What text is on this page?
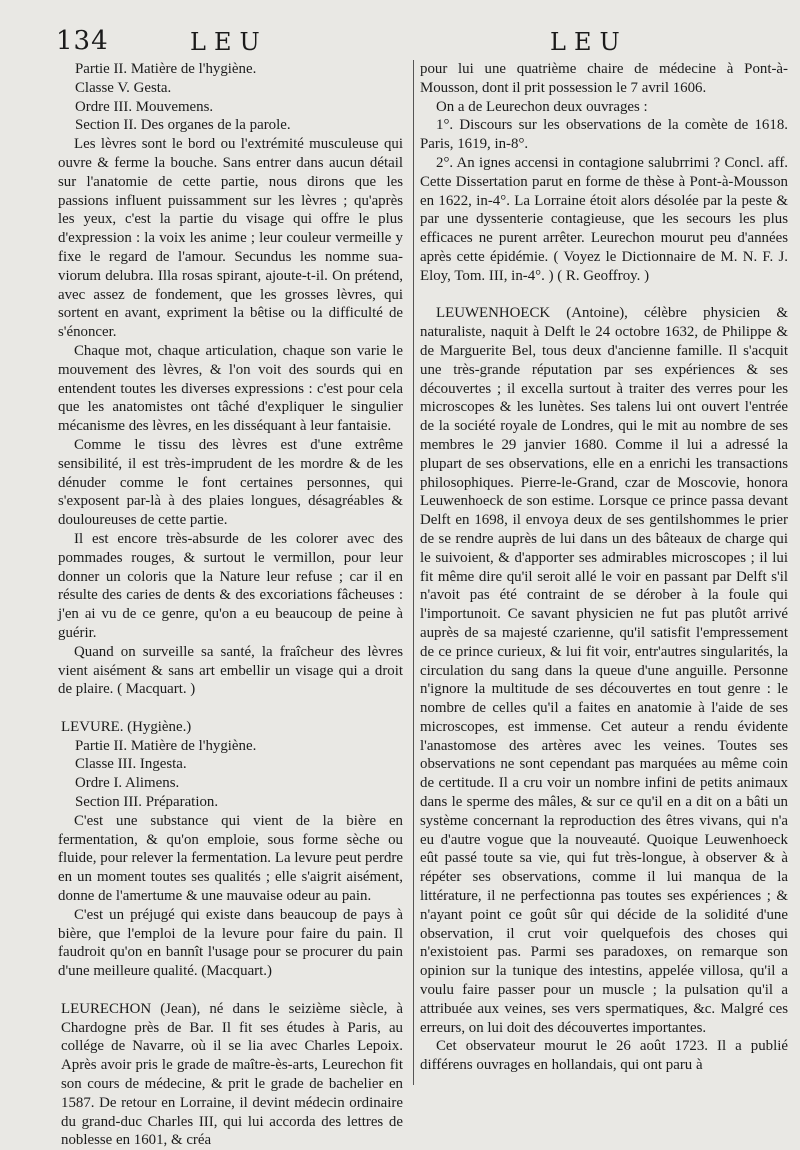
134	LEU	LEU

Partie II. Matière de l'hygiène.

Classe V. Gesta.

Ordre III. Mouvemens.

Section II. Des organes de la parole.

Les lèvres sont le bord ou l'extrémité musculeuse qui ouvre & ferme la bouche. Sans entrer dans aucun détail sur l'anatomie de cette partie, nous dirons que les passions influent puissamment sur les lèvres ; qu'après les yeux, c'est la partie du visage qui offre le plus d'expression : la voix les anime ; leur couleur vermeille y fixe le regard de l'amour. Secundus les nomme sua-viorum delubra. Illa rosas spirant, ajoute-t-il. On prétend, avec assez de fondement, que les grosses lèvres, qui sortent en avant, expriment la bêtise ou la difficulté de s'énoncer.

Chaque mot, chaque articulation, chaque son varie le mouvement des lèvres, & l'on voit des sourds qui en entendent toutes les diverses expressions : c'est pour cela que les anatomistes ont tâché d'expliquer le singulier mécanisme des lèvres, en les disséquant à leur fantaisie.

Comme le tissu des lèvres est d'une extrême sensibilité, il est très-imprudent de les mordre & de les dénuder comme le font certaines personnes, qui s'exposent par-là à des plaies longues, désagréables & douloureuses de cette partie.

Il est encore très-absurde de les colorer avec des pommades rouges, & surtout le vermillon, pour leur donner un coloris que la Nature leur refuse ; car il en résulte des caries de dents & des excoriations fâcheuses : j'en ai vu de ce genre, qu'on a eu beaucoup de peine à guérir.

Quand on surveille sa santé, la fraîcheur des lèvres vient aisément & sans art embellir un visage qui a droit de plaire. ( Macquart. )

LEVURE. (Hygiène.)

Partie II. Matière de l'hygiène.

Classe III. Ingesta.

Ordre I. Alimens.

Section III. Préparation.

C'est une substance qui vient de la bière en fermentation, & qu'on emploie, sous forme sèche ou fluide, pour relever la fermentation. La levure peut perdre en un moment toutes ses qualités ; elle s'aigrit aisément, donne de l'amertume & une mauvaise odeur au pain.

C'est un préjugé qui existe dans beaucoup de pays à bière, que l'emploi de la levure pour faire du pain. Il faudroit qu'on en bannît l'usage pour se procurer du pain d'une meilleure qualité. (Macquart.)

LEURECHON (Jean), né dans le seizième siècle, à Chardogne près de Bar. Il fit ses études à Paris, au collége de Navarre, où il se lia avec Charles Lepoix. Après avoir pris le grade de maître-ès-arts, Leurechon fit son cours de médecine, & prit le grade de bachelier en 1587. De retour en Lorraine, il devint médecin ordinaire du grand-duc Charles III, qui lui accorda des lettres de noblesse en 1601, & créa

pour lui une quatrième chaire de médecine à Pont-à-Mousson, dont il prit possession le 7 avril 1606.

On a de Leurechon deux ouvrages :

1°. Discours sur les observations de la comète de 1618. Paris, 1619, in-8°.

2°. An ignes accensi in contagione salubrrimi ? Concl. aff. Cette Dissertation parut en forme de thèse à Pont-à-Mousson en 1622, in-4°. La Lorraine étoit alors désolée par la peste & par une dyssenterie contagieuse, que les secours les plus efficaces ne purent arrêter. Leurechon mourut peu d'années après cette épidémie. ( Voyez le Dictionnaire de M. N. F. J. Eloy, Tom. III, in-4°. ) ( R. Geoffroy. )

LEUWENHOECK (Antoine), célèbre physicien & naturaliste, naquit à Delft le 24 octobre 1632, de Philippe & de Marguerite Bel, tous deux d'ancienne famille. Il s'acquit une très-grande réputation par ses expériences & ses découvertes ; il excella surtout à traiter des verres pour les microscopes & les lunètes. Ses talens lui ont ouvert l'entrée de la société royale de Londres, qui le mit au nombre de ses membres le 29 janvier 1680. Comme il lui a adressé la plupart de ses observations, elle en a enrichi les transactions philosophiques. Pierre-le-Grand, czar de Moscovie, honora Leuwenhoeck de son estime. Lorsque ce prince passa devant Delft en 1698, il envoya deux de ses gentilshommes le prier de se rendre auprès de lui dans un des bâteaux de charge qui le suivoient, & d'apporter ses admirables microscopes ; il lui fit même dire qu'il seroit allé le voir en passant par Delft s'il n'avoit pas été contraint de se dérober à la foule qui l'importunoit. Ce savant physicien ne fut pas plutôt arrivé auprès de sa majesté czarienne, qu'il satisfit l'empressement de ce prince curieux, & lui fit voir, entr'autres singularités, la circulation du sang dans la queue d'une anguille. Personne n'ignore la multitude de ses découvertes en tout genre : le nombre de celles qu'il a faites en anatomie à l'aide de ses microscopes, est immense. Cet auteur a rendu évidente l'anastomose des artères avec les veines. Toutes ses observations ne sont cependant pas marquées au même coin de certitude. Il a cru voir un nombre infini de petits animaux dans le sperme des mâles, & sur ce qu'il en a dit on a bâti un système concernant la reproduction des êtres vivans, qui n'a eu d'autre vogue que la nouveauté. Quoique Leuwenhoeck eût passé toute sa vie, qui fut très-longue, à observer & à répéter ses observations, comme il lui manqua de la littérature, il ne perfectionna pas toutes ses expériences ; & n'ayant point ce goût sûr qui décide de la solidité d'une observation, il crut voir quelquefois des choses qui n'existoient pas. Parmi ses paradoxes, on remarque son opinion sur la tunique des intestins, appelée villosa, qu'il a voulu faire passer pour un muscle ; la pulsation qu'il a attribuée aux veines, ses vers spermatiques, &c. Malgré ces erreurs, on lui doit des découvertes importantes.

Cet observateur mourut le 26 août 1723. Il a publié différens ouvrages en hollandais, qui ont paru à
